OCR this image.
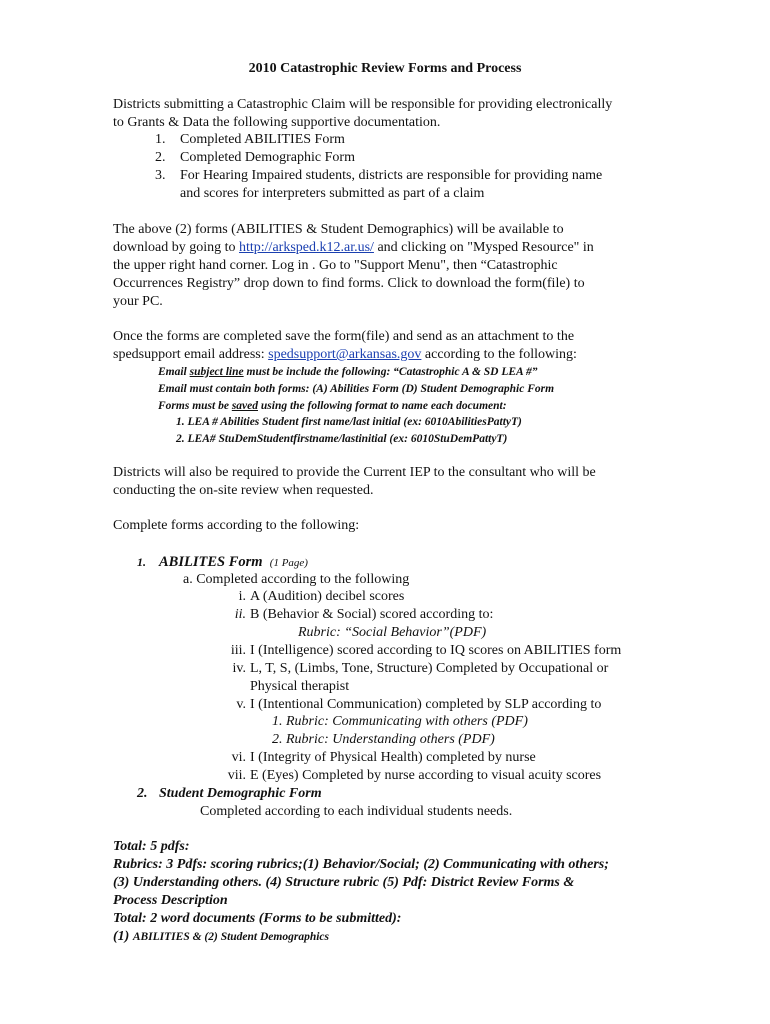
2010 Catastrophic Review Forms and Process
Districts submitting a Catastrophic Claim will be responsible for providing electronically
to Grants & Data the following supportive documentation.
1. Completed ABILITIES Form
2. Completed Demographic Form
3. For Hearing Impaired students, districts are responsible for providing name
and scores for interpreters submitted as part of a claim
The above (2) forms (ABILITIES & Student Demographics) will be available to
download by going to http://arksped.k12.ar.us/ and clicking on "Mysped Resource" in
the upper right hand corner. Log in . Go to "Support Menu", then “Catastrophic
Occurrences Registry” drop down to find forms. Click to download the form(file) to
your PC.
Once the forms are completed save the form(file) and send as an attachment to the
spedsupport email address: spedsupport@arkansas.gov according to the following:
Email subject line must be include the following: “Catastrophic A & SD LEA #”
Email must contain both forms: (A) Abilities Form (D) Student Demographic Form
Forms must be saved using the following format to name each document:
1. LEA # Abilities Student first name/last initial (ex: 6010AbilitiesPattyT)
2. LEA# StuDemStudentfirstname/lastinitial (ex: 6010StuDemPattyT)
Districts will also be required to provide the Current IEP to the consultant who will be
conducting the on-site review when requested.
Complete forms according to the following:
1. ABILITES Form (1 Page)
a. Completed according to the following
i. A (Audition) decibel scores
ii. B (Behavior & Social) scored according to:
Rubric: “Social Behavior”(PDF)
iii. I (Intelligence) scored according to IQ scores on ABILITIES form
iv. L, T, S, (Limbs, Tone, Structure) Completed by Occupational or
Physical therapist
v. I (Intentional Communication) completed by SLP according to
1. Rubric: Communicating with others (PDF)
2. Rubric: Understanding others (PDF)
vi. I (Integrity of Physical Health) completed by nurse
vii. E (Eyes) Completed by nurse according to visual acuity scores
2. Student Demographic Form
Completed according to each individual students needs.
Total: 5 pdfs:
Rubrics: 3 Pdfs: scoring rubrics;(1) Behavior/Social; (2) Communicating with others;
(3) Understanding others. (4) Structure rubric (5) Pdf: District Review Forms &
Process Description
Total: 2 word documents (Forms to be submitted):
(1) ABILITIES & (2) Student Demographics
